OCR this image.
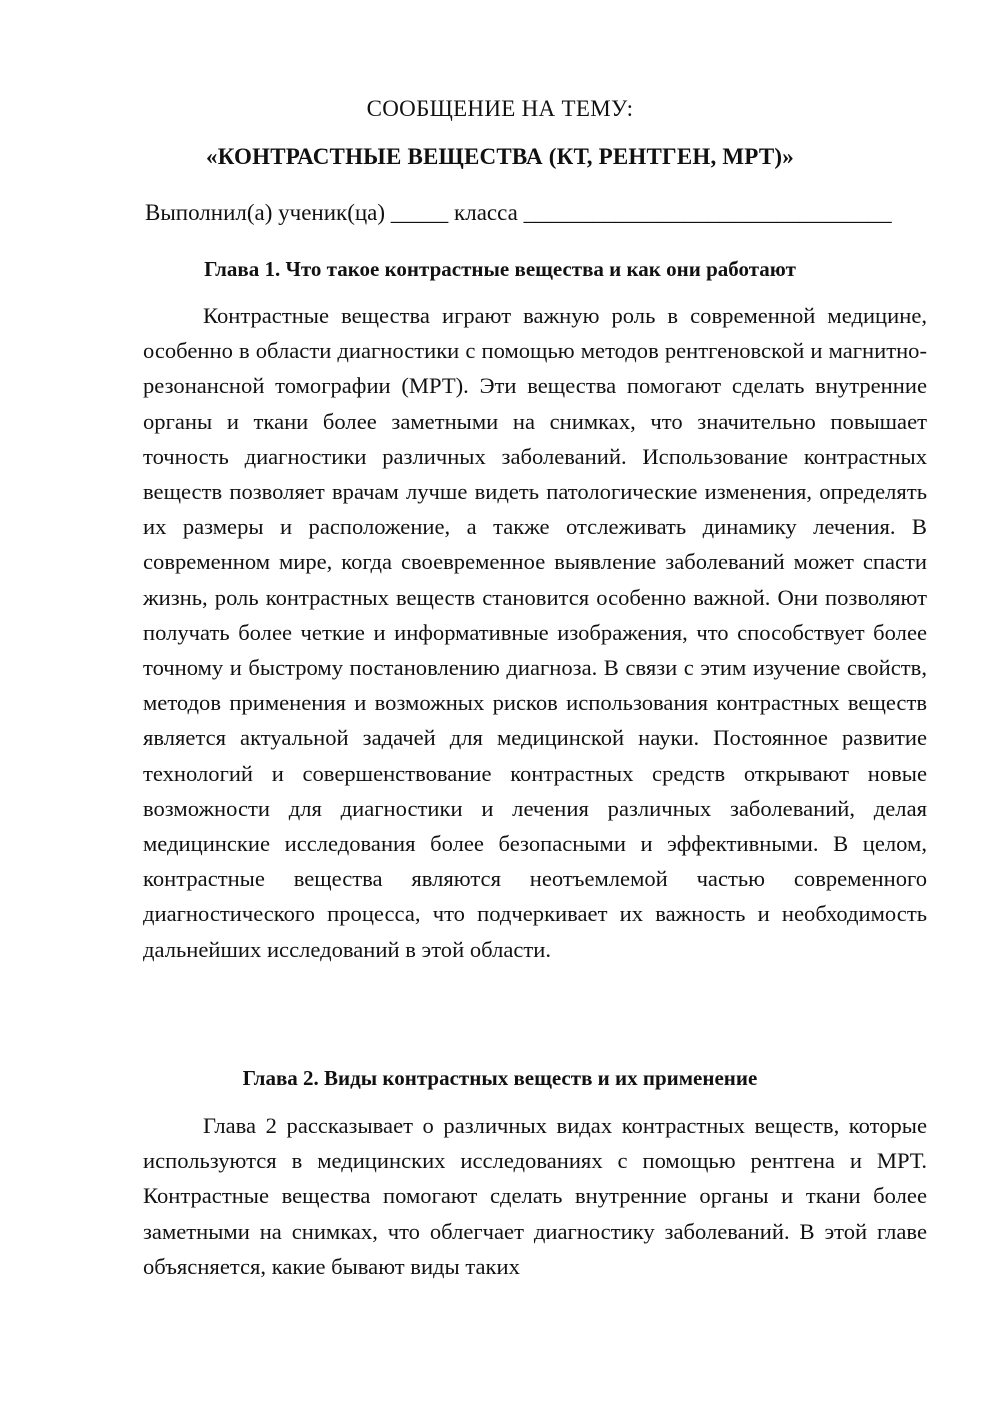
СООБЩЕНИЕ НА ТЕМУ:
«КОНТРАСТНЫЕ ВЕЩЕСТВА (КТ, РЕНТГЕН, МРТ)»
Выполнил(а) ученик(ца) _____ класса ________________________________
Глава 1. Что такое контрастные вещества и как они работают

Контрастные вещества играют важную роль в современной медицине, особенно в области диагностики с помощью методов рентгеновской и магнитно-резонансной томографии (МРТ). Эти вещества помогают сделать внутренние органы и ткани более заметными на снимках, что значительно повышает точность диагностики различных заболеваний. Использование контрастных веществ позволяет врачам лучше видеть патологические изменения, определять их размеры и расположение, а также отслеживать динамику лечения. В современном мире, когда своевременное выявление заболеваний может спасти жизнь, роль контрастных веществ становится особенно важной. Они позволяют получать более четкие и информативные изображения, что способствует более точному и быстрому постановлению диагноза. В связи с этим изучение свойств, методов применения и возможных рисков использования контрастных веществ является актуальной задачей для медицинской науки. Постоянное развитие технологий и совершенствование контрастных средств открывают новые возможности для диагностики и лечения различных заболеваний, делая медицинские исследования более безопасными и эффективными. В целом, контрастные вещества являются неотъемлемой частью современного диагностического процесса, что подчеркивает их важность и необходимость дальнейших исследований в этой области.

Глава 2. Виды контрастных веществ и их применение

Глава 2 рассказывает о различных видах контрастных веществ, которые используются в медицинских исследованиях с помощью рентгена и МРТ. Контрастные вещества помогают сделать внутренние органы и ткани более заметными на снимках, что облегчает диагностику заболеваний. В этой главе объясняется, какие бывают виды таких
